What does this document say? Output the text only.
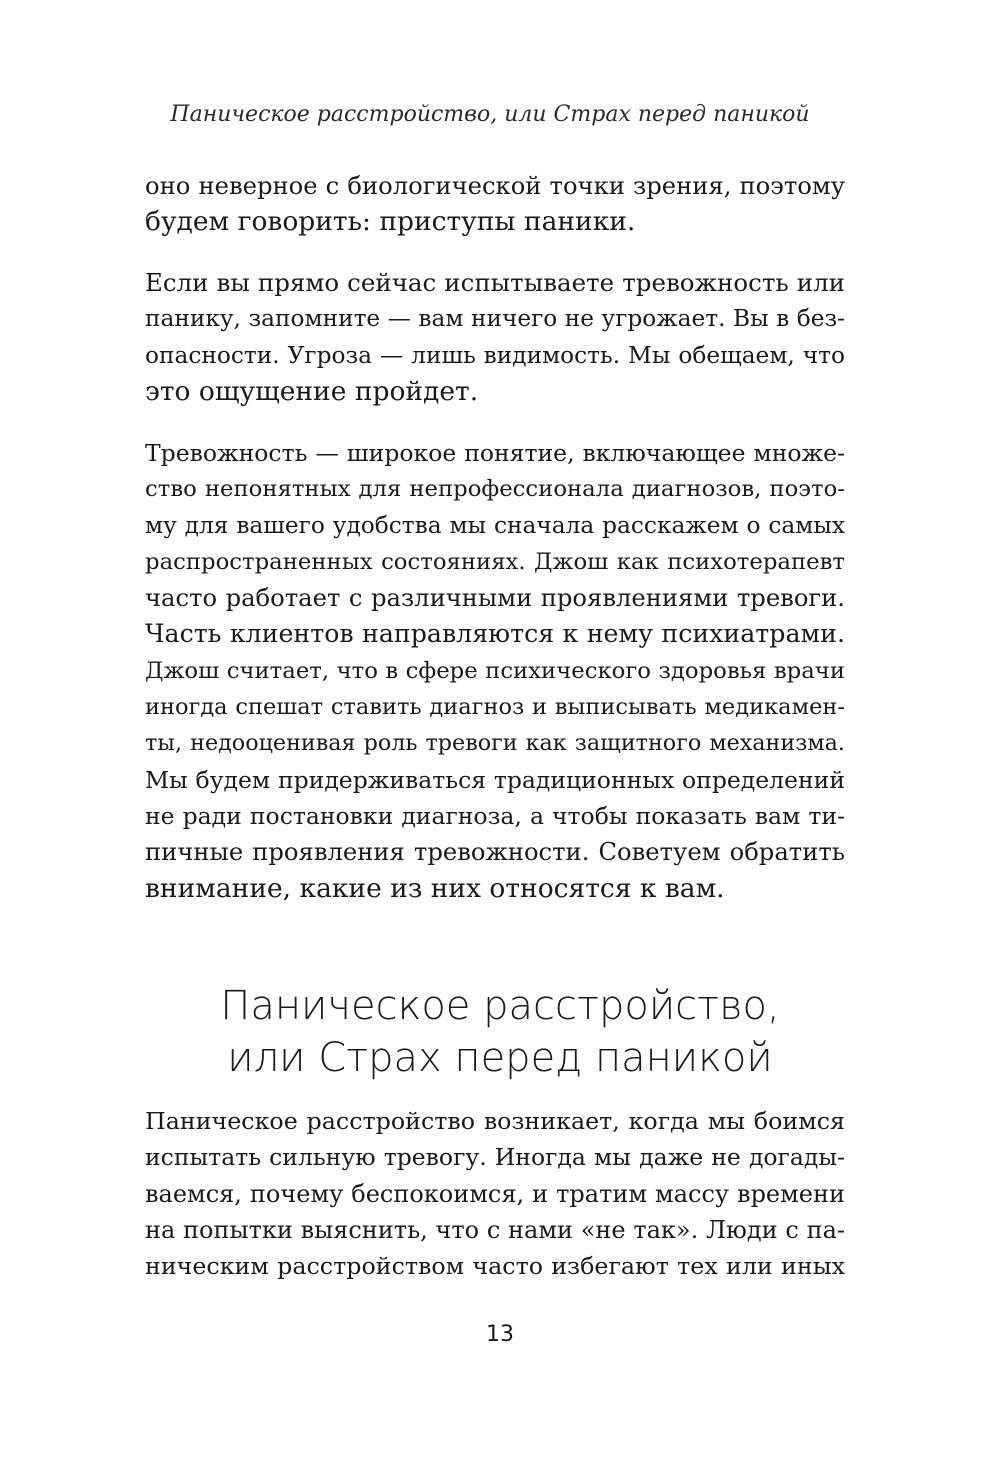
Паническое расстройство, или Страх перед паникой
оно неверное с биологической точки зрения, поэтому
будем говорить: приступы паники.
Если вы прямо сейчас испытываете тревожность или
панику, запомните — вам ничего не угрожает. Вы в без-
опасности. Угроза — лишь видимость. Мы обещаем, что
это ощущение пройдет.
Тревожность — широкое понятие, включающее множе-
ство непонятных для непрофессионала диагнозов, поэто-
му для вашего удобства мы сначала расскажем о самых
распространенных состояниях. Джош как психотерапевт
часто работает с различными проявлениями тревоги.
Часть клиентов направляются к нему психиатрами.
Джош считает, что в сфере психического здоровья врачи
иногда спешат ставить диагноз и выписывать медикамен-
ты, недооценивая роль тревоги как защитного механизма.
Мы будем придерживаться традиционных определений
не ради постановки диагноза, а чтобы показать вам ти-
пичные проявления тревожности. Советуем обратить
внимание, какие из них относятся к вам.
Паническое расстройство,
или Страх перед паникой
Паническое расстройство возникает, когда мы боимся
испытать сильную тревогу. Иногда мы даже не догады-
ваемся, почему беспокоимся, и тратим массу времени
на попытки выяснить, что с нами «не так». Люди с па-
ническим расстройством часто избегают тех или иных
13
